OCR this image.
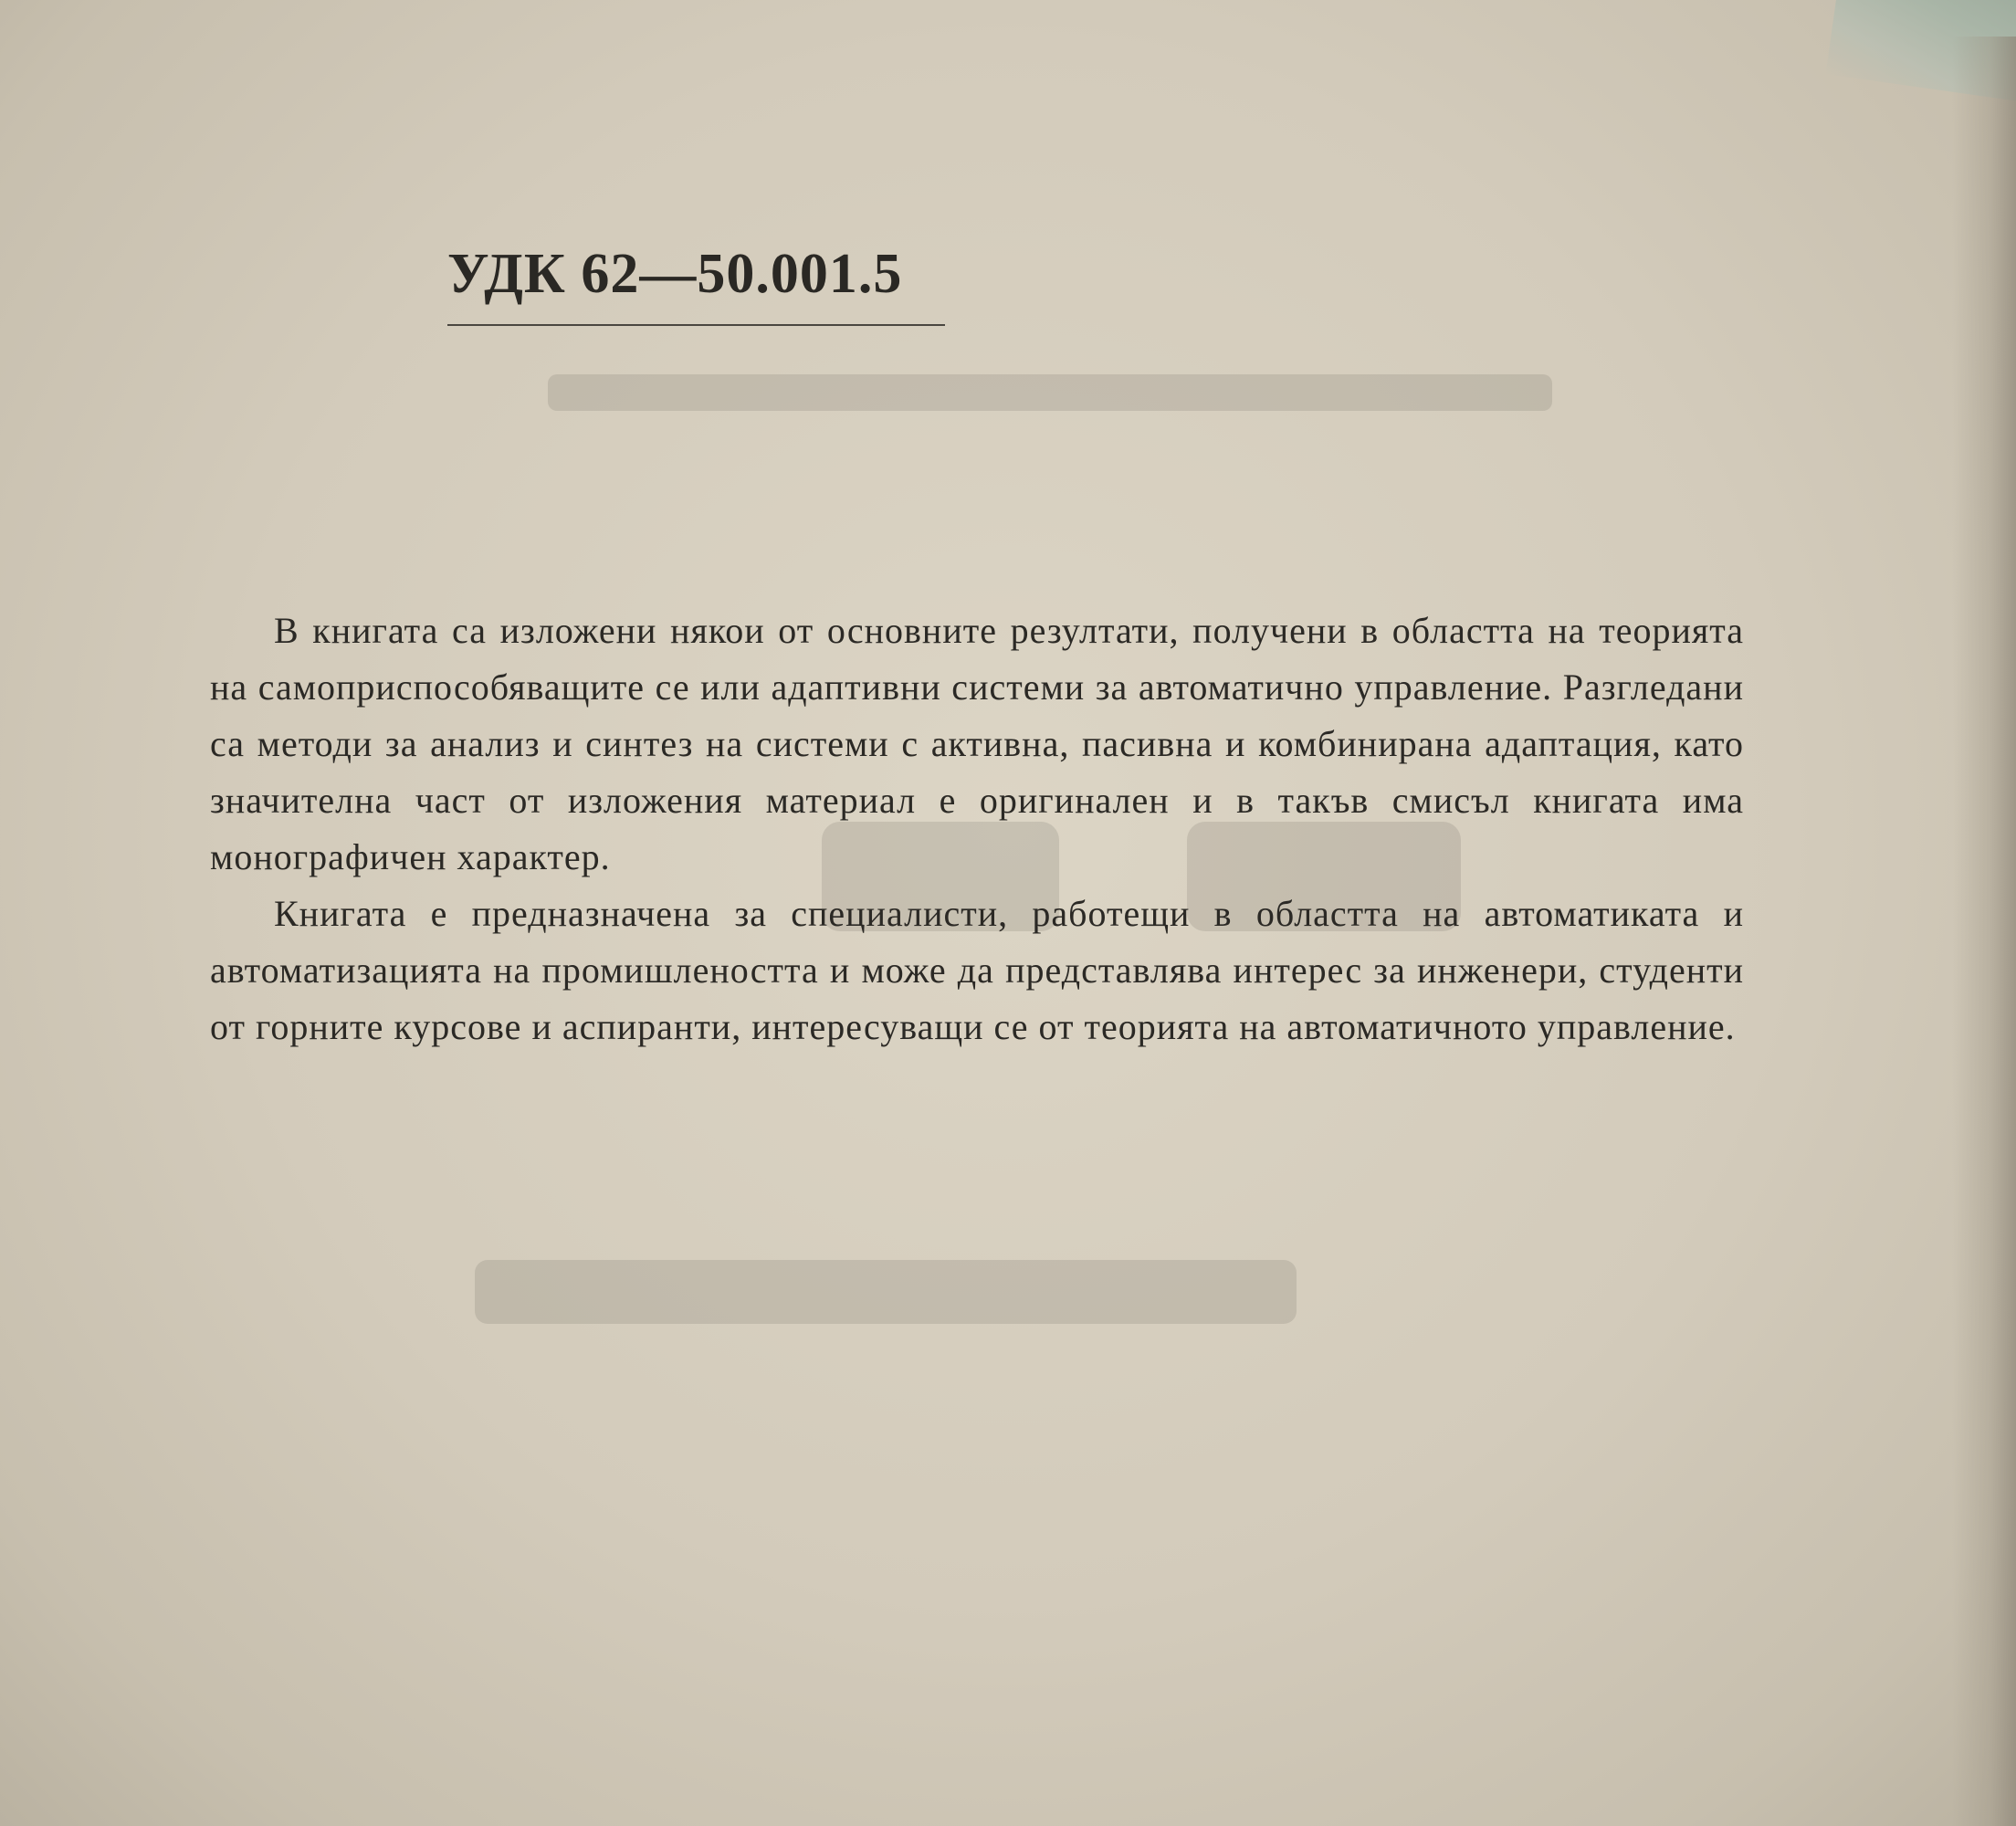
УДК 62—50.001.5

В книгата са изложени някои от основните резултати, получени в областта на теорията на самоприспособяващите се или адаптивни системи за автоматично управление. Разгледани са методи за анализ и синтез на системи с активна, пасивна и комбинирана адаптация, като значителна част от изложения материал е оригинален и в такъв смисъл книгата има монографичен характер.

Книгата е предназначена за специалисти, работещи в областта на автоматиката и автоматизацията на промишлеността и може да представлява интерес за инженери, студенти от горните курсове и аспиранти, интересуващи се от теорията на автоматичното управление.
